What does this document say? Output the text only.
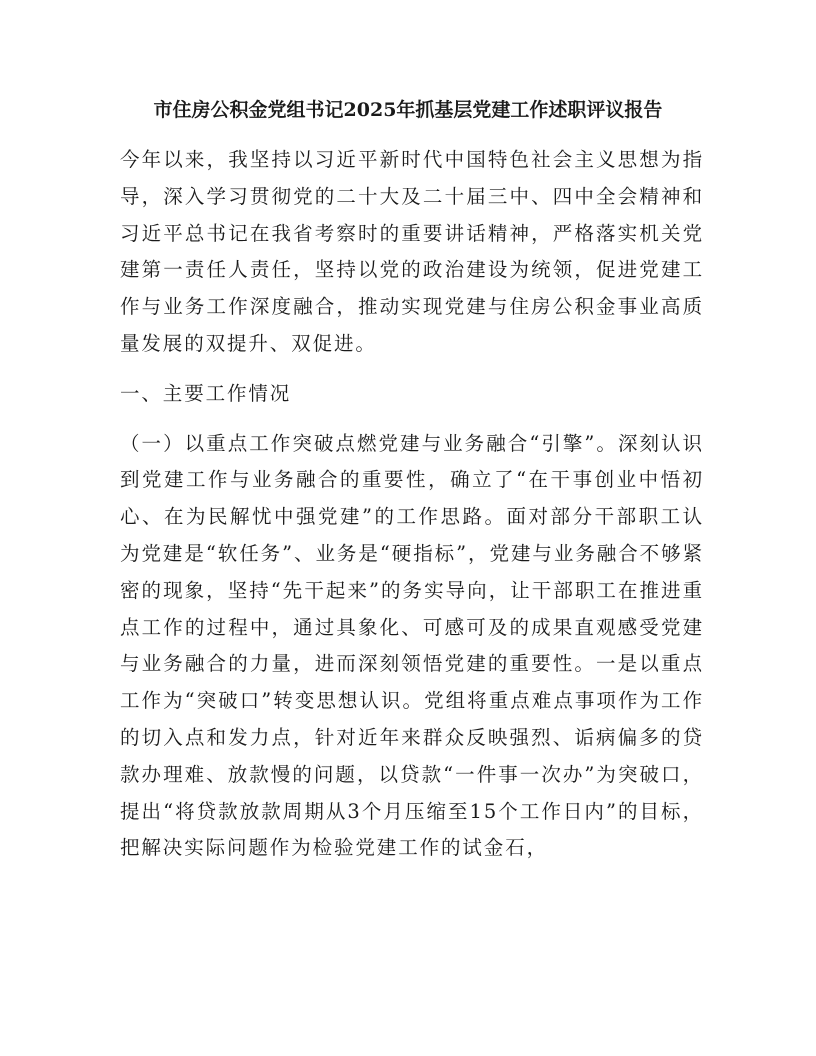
市住房公积金党组书记2025年抓基层党建工作述职评议报告

今年以来，我坚持以习近平新时代中国特色社会主义思想为指导，深入学习贯彻党的二十大及二十届三中、四中全会精神和习近平总书记在我省考察时的重要讲话精神，严格落实机关党建第一责任人责任，坚持以党的政治建设为统领，促进党建工作与业务工作深度融合，推动实现党建与住房公积金事业高质量发展的双提升、双促进。

一、主要工作情况

（一）以重点工作突破点燃党建与业务融合“引擎”。深刻认识到党建工作与业务融合的重要性，确立了“在干事创业中悟初心、在为民解忧中强党建”的工作思路。面对部分干部职工认为党建是“软任务”、业务是“硬指标”，党建与业务融合不够紧密的现象，坚持“先干起来”的务实导向，让干部职工在推进重点工作的过程中，通过具象化、可感可及的成果直观感受党建与业务融合的力量，进而深刻领悟党建的重要性。一是以重点工作为“突破口”转变思想认识。党组将重点难点事项作为工作的切入点和发力点，针对近年来群众反映强烈、诟病偏多的贷款办理难、放款慢的问题，以贷款“一件事一次办”为突破口，提出“将贷款放款周期从3个月压缩至15个工作日内”的目标，把解决实际问题作为检验党建工作的试金石，
